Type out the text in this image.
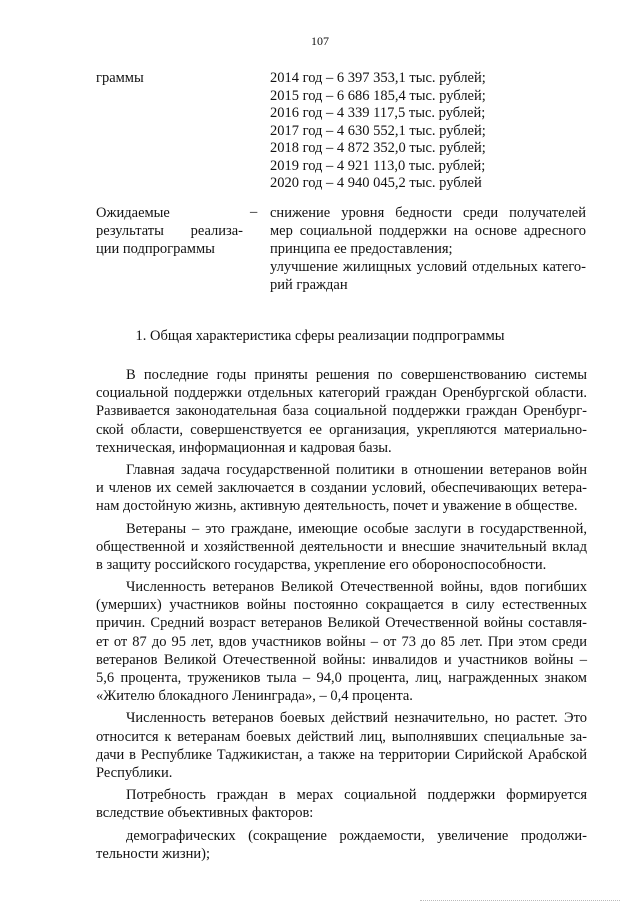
107
граммы	2014 год – 6 397 353,1 тыс. рублей;
2015 год – 6 686 185,4 тыс. рублей;
2016 год – 4 339 117,5 тыс. рублей;
2017 год – 4 630 552,1 тыс. рублей;
2018 год – 4 872 352,0 тыс. рублей;
2019 год – 4 921 113,0 тыс. рублей;
2020 год – 4 940 045,2 тыс. рублей
Ожидаемые
результаты реализа-
ции подпрограммы
– снижение уровня бедности среди получателей
мер социальной поддержки на основе адресного
принципа ее предоставления;
улучшение жилищных условий отдельных катего-
рий граждан
1. Общая характеристика сферы реализации подпрограммы
В последние годы приняты решения по совершенствованию системы
социальной поддержки отдельных категорий граждан Оренбургской области.
Развивается законодательная база социальной поддержки граждан Оренбург-
ской области, совершенствуется ее организация, укрепляются материально-
техническая, информационная и кадровая базы.
Главная задача государственной политики в отношении ветеранов войн
и членов их семей заключается в создании условий, обеспечивающих ветера-
нам достойную жизнь, активную деятельность, почет и уважение в обществе.
Ветераны – это граждане, имеющие особые заслуги в государственной,
общественной и хозяйственной деятельности и внесшие значительный вклад
в защиту российского государства, укрепление его обороноспособности.
Численность ветеранов Великой Отечественной войны, вдов погибших
(умерших) участников войны постоянно сокращается в силу естественных
причин. Средний возраст ветеранов Великой Отечественной войны составля-
ет от 87 до 95 лет, вдов участников войны – от 73 до 85 лет. При этом среди
ветеранов Великой Отечественной войны: инвалидов и участников войны –
5,6 процента, тружеников тыла – 94,0 процента, лиц, награжденных знаком
«Жителю блокадного Ленинграда», – 0,4 процента.
Численность ветеранов боевых действий незначительно, но растет. Это
относится к ветеранам боевых действий лиц, выполнявших специальные за-
дачи в Республике Таджикистан, а также на территории Сирийской Арабской
Республики.
Потребность граждан в мерах социальной поддержки формируется
вследствие объективных факторов:
демографических (сокращение рождаемости, увеличение продолжи-
тельности жизни);
